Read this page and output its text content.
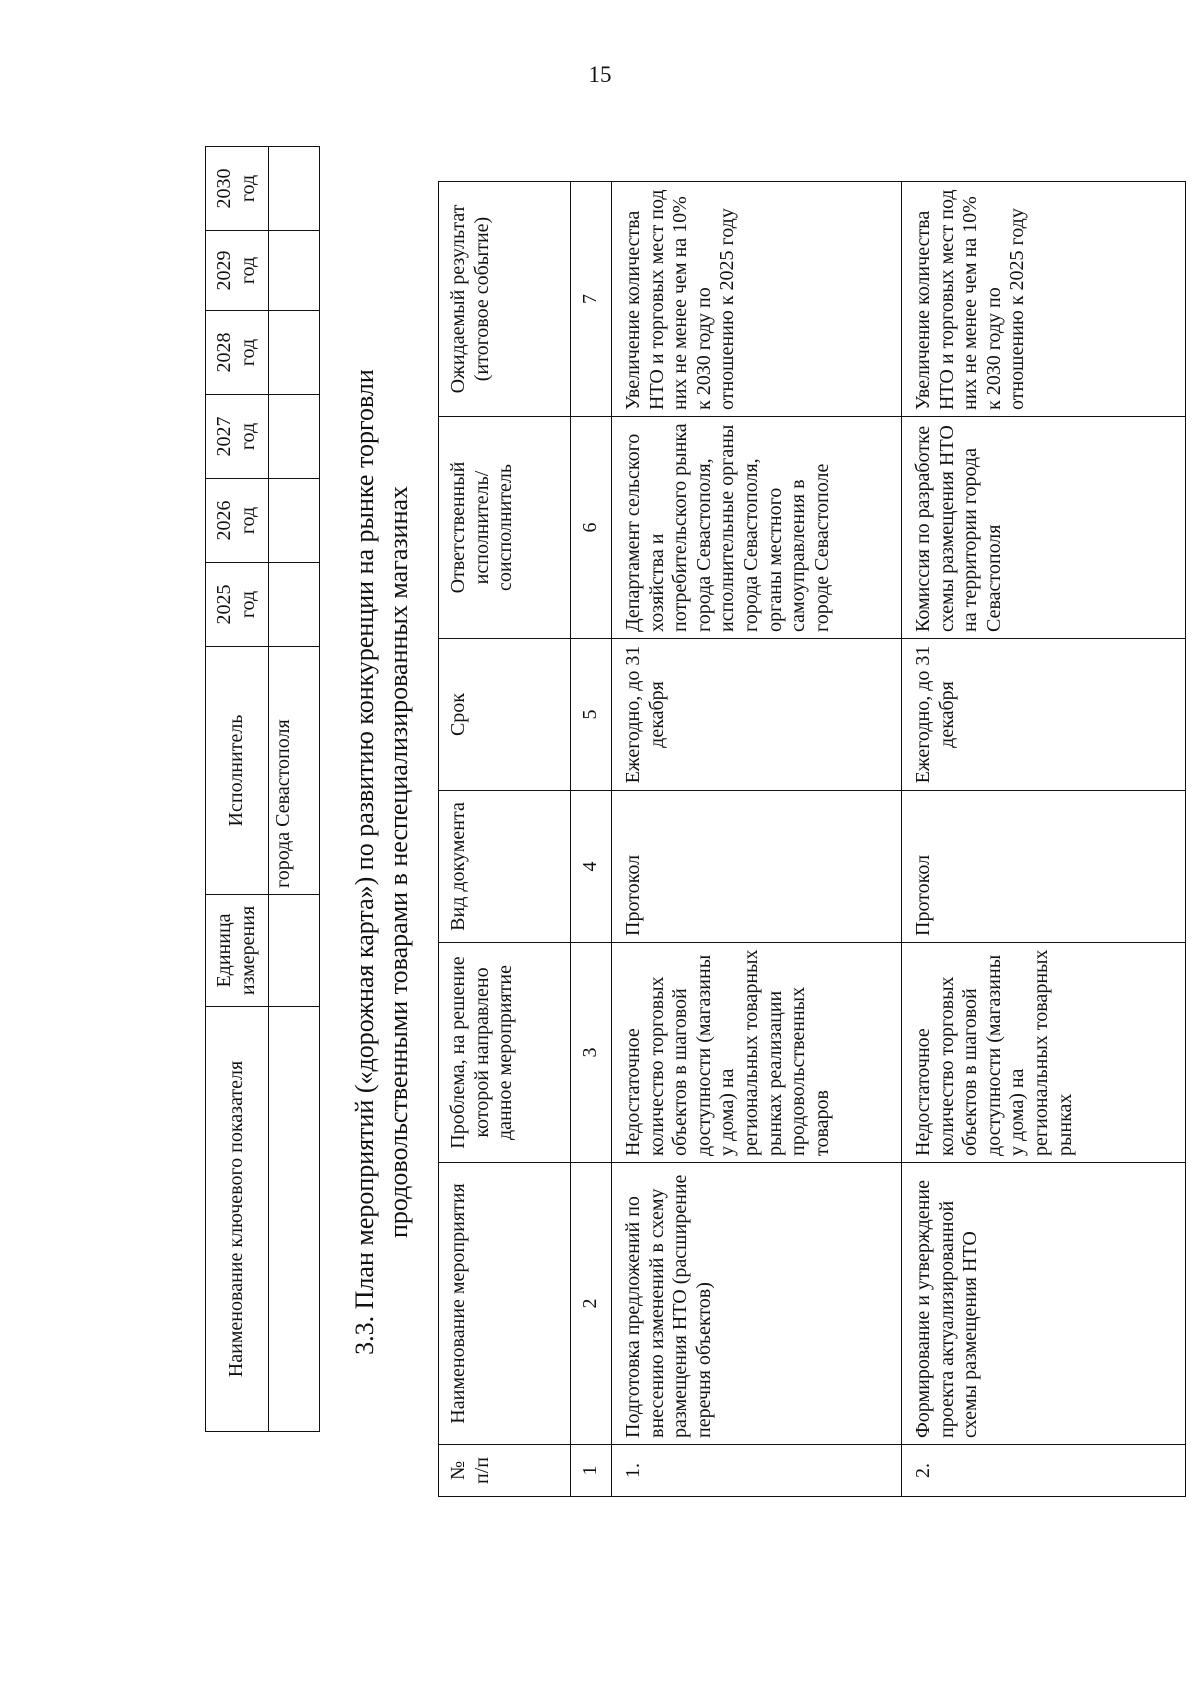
15
Наименование ключевого показателя	Единица измерения	Исполнитель	2025 год	2026 год	2027 год	2028 год	2029 год	2030 год
		города Севастополя						3.3. План мероприятий («дорожная карта») по развитию конкуренции на рынке торговли продовольственными товарами в неспециализированных магазинах
№ п/п	Наименование мероприятия	Проблема, на решение которой направлено данное мероприятие	Вид документа	Срок	Ответственный исполнитель/ соисполнитель	Ожидаемый результат (итоговое событие)
1	2	3	4	5	6	7
1.	Подготовка предложений по внесению изменений в схему размещения НТО (расширение перечня объектов)	Недостаточное количество торговых объектов в шаговой доступности (магазины у дома) на региональных товарных рынках реализации продовольственных товаров	Протокол	Ежегодно, до 31 декабря	Департамент сельского хозяйства и потребительского рынка города Севастополя, исполнительные органы города Севастополя, органы местного самоуправления в городе Севастополе	Увеличение количества НТО и торговых мест под них не менее чем на 10% к 2030 году по отношению к 2025 году
2.	Формирование и утверждение проекта актуализированной схемы размещения НТО	Недостаточное количество торговых объектов в шаговой доступности (магазины у дома) на региональных товарных рынках	Протокол	Ежегодно, до 31 декабря	Комиссия по разработке схемы размещения НТО на территории города Севастополя	Увеличение количества НТО и торговых мест под них не менее чем на 10% к 2030 году по отношению к 2025 году
